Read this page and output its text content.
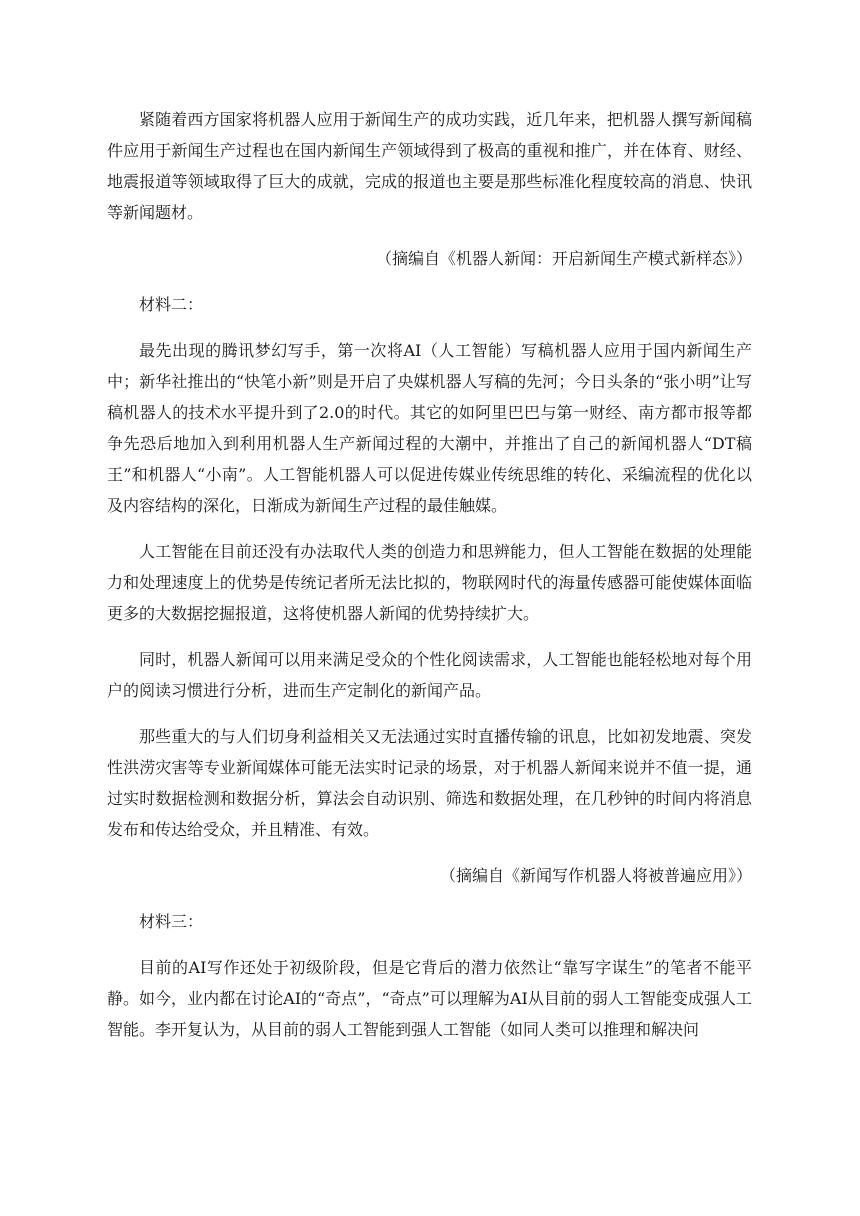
紧随着西方国家将机器人应用于新闻生产的成功实践，近几年来，把机器人撰写新闻稿件应用于新闻生产过程也在国内新闻生产领域得到了极高的重视和推广，并在体育、财经、地震报道等领域取得了巨大的成就，完成的报道也主要是那些标准化程度较高的消息、快讯等新闻题材。

（摘编自《机器人新闻：开启新闻生产模式新样态》）

材料二：

最先出现的腾讯梦幻写手，第一次将AI（人工智能）写稿机器人应用于国内新闻生产中；新华社推出的“快笔小新”则是开启了央媒机器人写稿的先河；今日头条的“张小明”让写稿机器人的技术水平提升到了2.0的时代。其它的如阿里巴巴与第一财经、南方都市报等都争先恐后地加入到利用机器人生产新闻过程的大潮中，并推出了自己的新闻机器人“DT稿王”和机器人“小南”。人工智能机器人可以促进传媒业传统思维的转化、采编流程的优化以及内容结构的深化，日渐成为新闻生产过程的最佳触媒。

人工智能在目前还没有办法取代人类的创造力和思辨能力，但人工智能在数据的处理能力和处理速度上的优势是传统记者所无法比拟的，物联网时代的海量传感器可能使媒体面临更多的大数据挖掘报道，这将使机器人新闻的优势持续扩大。

同时，机器人新闻可以用来满足受众的个性化阅读需求，人工智能也能轻松地对每个用户的阅读习惯进行分析，进而生产定制化的新闻产品。

那些重大的与人们切身利益相关又无法通过实时直播传输的讯息，比如初发地震、突发性洪涝灾害等专业新闻媒体可能无法实时记录的场景，对于机器人新闻来说并不值一提，通过实时数据检测和数据分析，算法会自动识别、筛选和数据处理，在几秒钟的时间内将消息发布和传达给受众，并且精准、有效。

（摘编自《新闻写作机器人将被普遍应用》）

材料三：

目前的AI写作还处于初级阶段，但是它背后的潜力依然让“靠写字谋生”的笔者不能平静。如今，业内都在讨论AI的“奇点”，“奇点”可以理解为AI从目前的弱人工智能变成强人工智能。李开复认为，从目前的弱人工智能到强人工智能（如同人类可以推理和解决问
